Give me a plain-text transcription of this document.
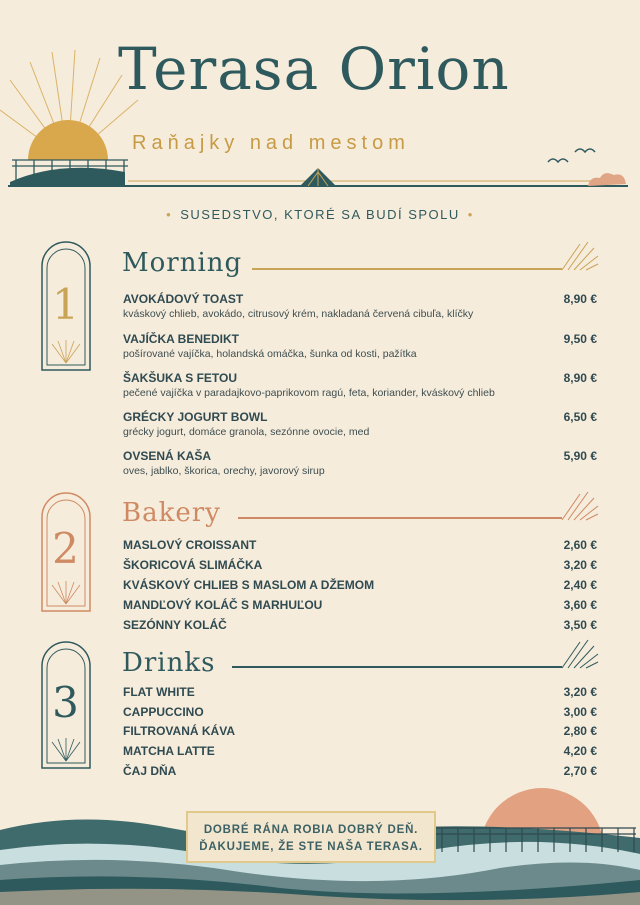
Terasa Orion
Raňajky nad mestom
• SUSEDSTVO, KTORÉ SA BUDÍ SPOLU •
1
Morning
AVOKÁDOVÝ TOAST	8,90 €
kváskový chlieb, avokádo, citrusový krém, nakladaná červená cibuľa, klíčky
VAJÍČKA BENEDIKT	9,50 €
pošírované vajíčka, holandská omáčka, šunka od kosti, pažítka
ŠAKŠUKA S FETOU	8,90 €
pečené vajíčka v paradajkovo-paprikovom ragú, feta, koriander, kváskový chlieb
GRÉCKY JOGURT BOWL	6,50 €
grécky jogurt, domáce granola, sezónne ovocie, med
OVSENÁ KAŠA	5,90 €
oves, jablko, škorica, orechy, javorový sirup
2
Bakery
MASLOVÝ CROISSANT	2,60 €
ŠKORICOVÁ SLIMÁČKA	3,20 €
KVÁSKOVÝ CHLIEB S MASLOM A DŽEMOM	2,40 €
MANDĽOVÝ KOLÁČ S MARHUĽOU	3,60 €
SEZÓNNY KOLÁČ	3,50 €
3
Drinks
FLAT WHITE	3,20 €
CAPPUCCINO	3,00 €
FILTROVANÁ KÁVA	2,80 €
MATCHA LATTE	4,20 €
ČAJ DŇA	2,70 €
DOBRÉ RÁNA ROBIA DOBRÝ DEŇ.
ĎAKUJEME, ŽE STE NAŠA TERASA.
